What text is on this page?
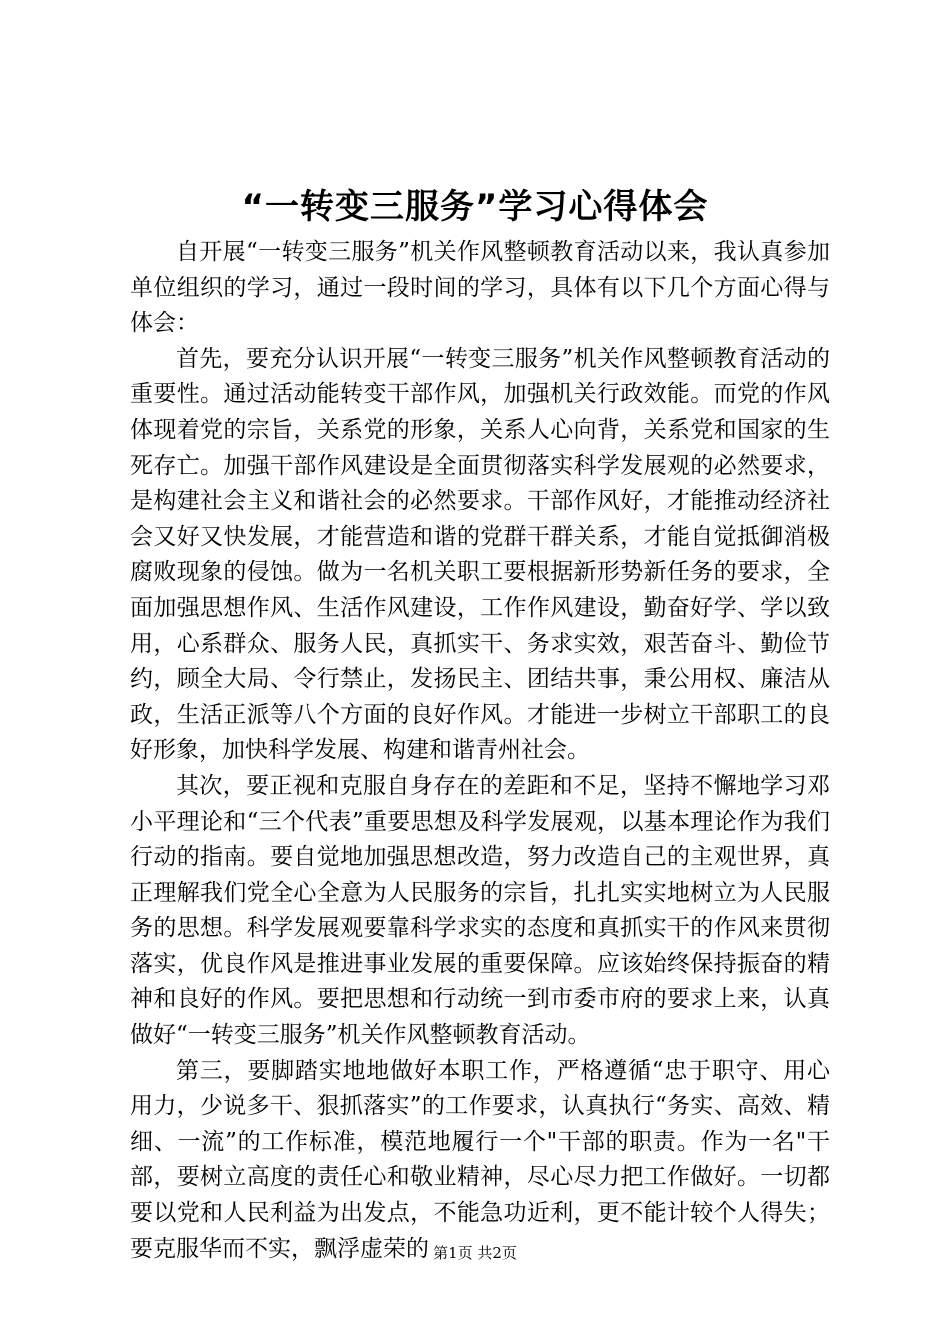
“一转变三服务”学习心得体会

自开展“一转变三服务”机关作风整顿教育活动以来，我认真参加单位组织的学习，通过一段时间的学习，具体有以下几个方面心得与体会：

首先，要充分认识开展“一转变三服务”机关作风整顿教育活动的重要性。通过活动能转变干部作风，加强机关行政效能。而党的作风体现着党的宗旨，关系党的形象，关系人心向背，关系党和国家的生死存亡。加强干部作风建设是全面贯彻落实科学发展观的必然要求，是构建社会主义和谐社会的必然要求。干部作风好，才能推动经济社会又好又快发展，才能营造和谐的党群干群关系，才能自觉抵御消极腐败现象的侵蚀。做为一名机关职工要根据新形势新任务的要求，全面加强思想作风、生活作风建设，工作作风建设，勤奋好学、学以致用，心系群众、服务人民，真抓实干、务求实效，艰苦奋斗、勤俭节约，顾全大局、令行禁止，发扬民主、团结共事，秉公用权、廉洁从政，生活正派等八个方面的良好作风。才能进一步树立干部职工的良好形象，加快科学发展、构建和谐青州社会。

其次，要正视和克服自身存在的差距和不足，坚持不懈地学习邓小平理论和“三个代表”重要思想及科学发展观，以基本理论作为我们行动的指南。要自觉地加强思想改造，努力改造自己的主观世界，真正理解我们党全心全意为人民服务的宗旨，扎扎实实地树立为人民服务的思想。科学发展观要靠科学求实的态度和真抓实干的作风来贯彻落实，优良作风是推进事业发展的重要保障。应该始终保持振奋的精神和良好的作风。要把思想和行动统一到市委市府的要求上来，认真做好“一转变三服务”机关作风整顿教育活动。

第三，要脚踏实地地做好本职工作，严格遵循“忠于职守、用心用力，少说多干、狠抓落实”的工作要求，认真执行“务实、高效、精细、一流”的工作标准，模范地履行一个"干部的职责。作为一名"干部，要树立高度的责任心和敬业精神，尽心尽力把工作做好。一切都要以党和人民利益为出发点，不能急功近利，更不能计较个人得失；要克服华而不实，飘浮虚荣的 第1页 共2页
